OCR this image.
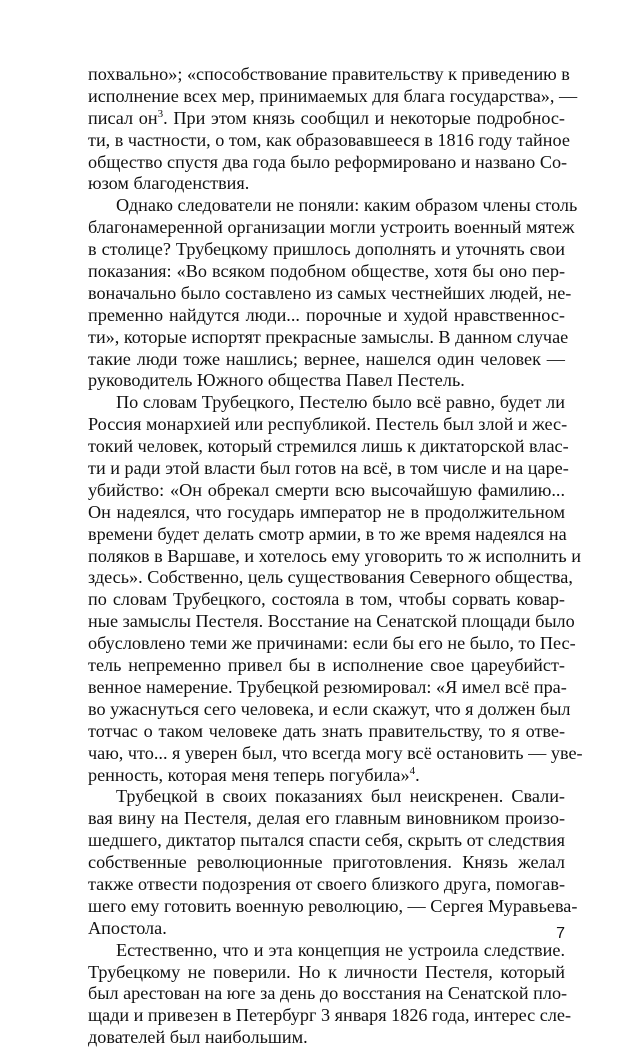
похвально»; «способствование правительству к приведению в
исполнение всех мер, принимаемых для блага государства», —
писал $он^3$. При этом князь сообщил и некоторые подробнос-
ти, в частности, о том, как образовавшееся в 1816 году тайное
общество спустя два года было реформировано и названо Со-
юзом благоденствия.
Однако следователи не поняли: каким образом члены столь
благонамеренной организации могли устроить военный мятеж
в столице? Трубецкому пришлось дополнять и уточнять свои
показания: «Во всяком подобном обществе, хотя бы оно пер-
воначально было составлено из самых честнейших людей, не-
пременно найдутся люди... порочные и худой нравственнос-
ти», которые испортят прекрасные замыслы. В данном случае
такие люди тоже нашлись; вернее, нашелся один человек —
руководитель Южного общества Павел Пестель.
По словам Трубецкого, Пестелю было всё равно, будет ли
Россия монархией или республикой. Пестель был злой и жес-
токий человек, который стремился лишь к диктаторской влас-
ти и ради этой власти был готов на всё, в том числе и на царе-
убийство: «Он обрекал смерти всю высочайшую фамилию...
Он надеялся, что государь император не в продолжительном
времени будет делать смотр армии, в то же время надеялся на
поляков в Варшаве, и хотелось ему уговорить то ж исполнить и
здесь». Собственно, цель существования Северного общества,
по словам Трубецкого, состояла в том, чтобы сорвать ковар-
ные замыслы Пестеля. Восстание на Сенатской площади было
обусловлено теми же причинами: если бы его не было, то Пес-
тель непременно привел бы в исполнение свое цареубийст-
венное намерение. Трубецкой резюмировал: «Я имел всё пра-
во ужаснуться сего человека, и если скажут, что я должен был
тотчас о таком человеке дать знать правительству, то я отве-
чаю, что... я уверен был, что всегда могу всё остановить — уве-
ренность, которая меня теперь погубила»$^4$.
Трубецкой в своих показаниях был неискренен. Свали-
вая вину на Пестеля, делая его главным виновником произо-
шедшего, диктатор пытался спасти себя, скрыть от следствия
собственные революционные приготовления. Князь желал
также отвести подозрения от своего близкого друга, помогав-
шего ему готовить военную революцию, — Сергея Муравьева-
Апостола.
Естественно, что и эта концепция не устроила следствие.
Трубецкому не поверили. Но к личности Пестеля, который
был арестован на юге за день до восстания на Сенатской пло-
щади и привезен в Петербург 3 января 1826 года, интерес сле-
дователей был наибольшим.
7
